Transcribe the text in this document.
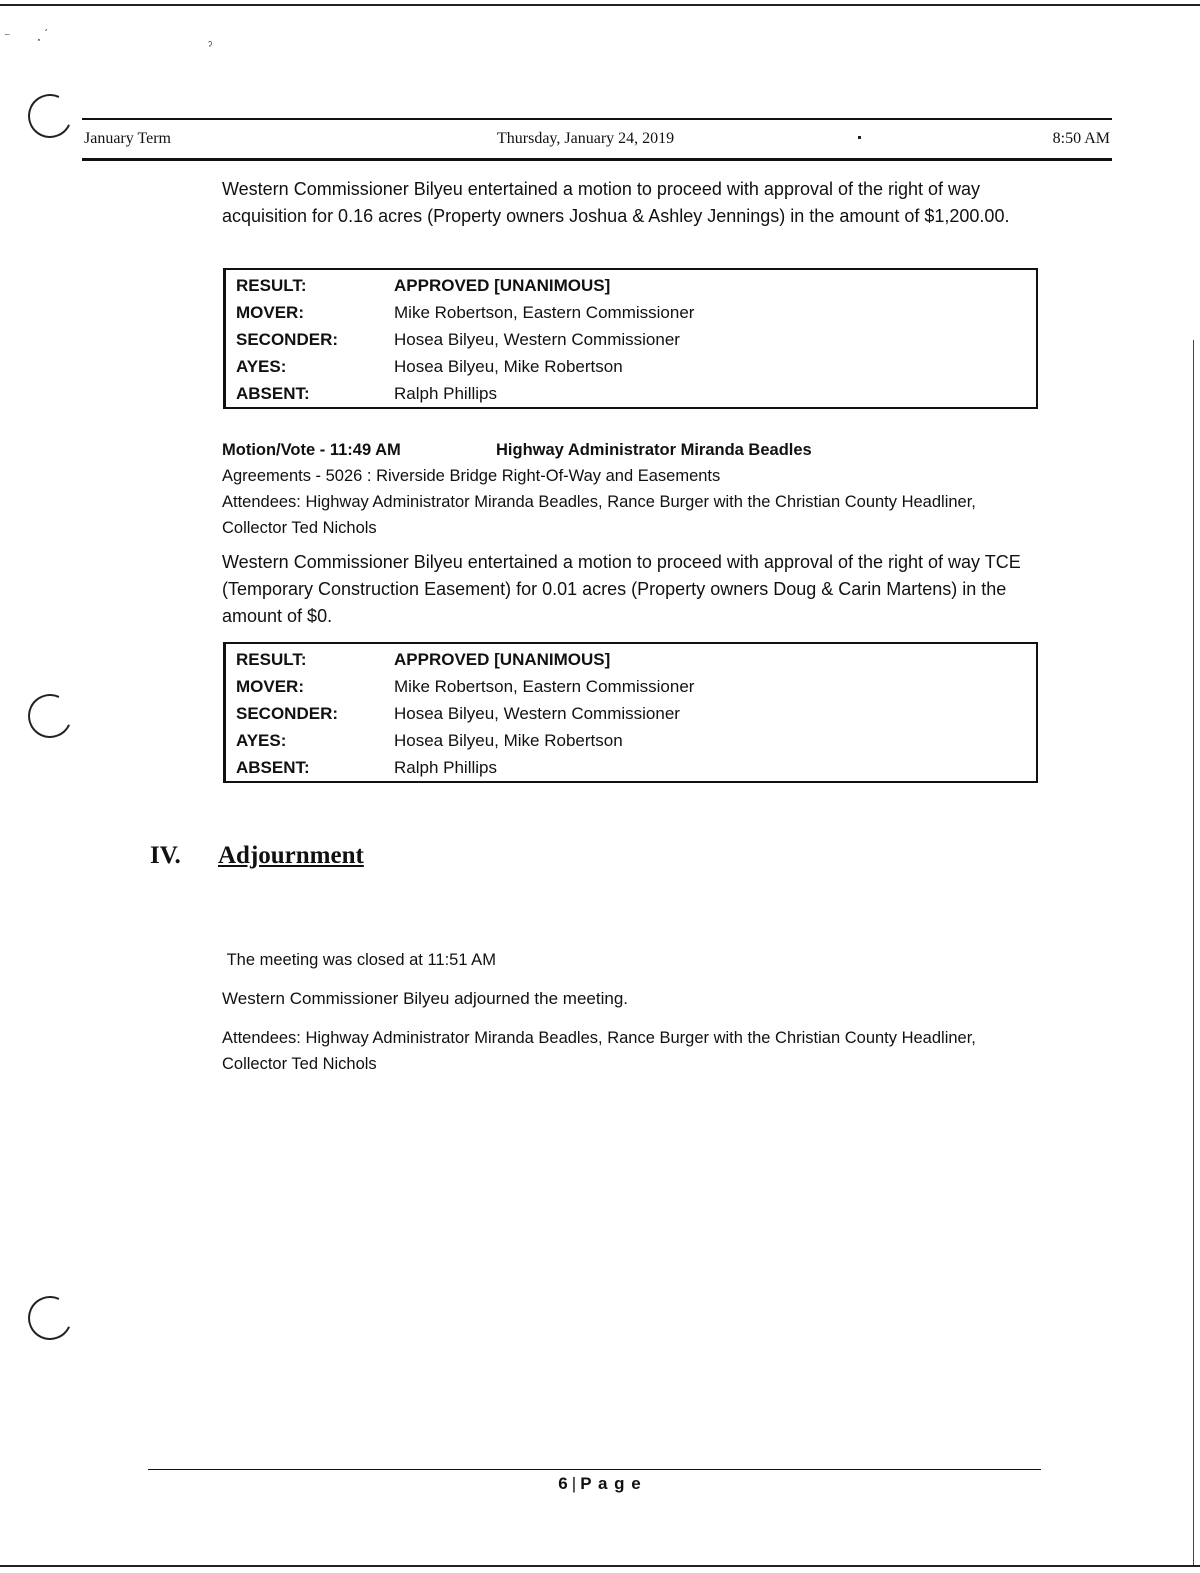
⁻ ⸼ ˊ
ˀ
January Term	Thursday, January 24, 2019	8:50 AM
Western Commissioner Bilyeu entertained a motion to proceed with approval of the right of way acquisition for 0.16 acres (Property owners Joshua & Ashley Jennings) in the amount of $1,200.00.
RESULT:	APPROVED [UNANIMOUS]
MOVER:	Mike Robertson, Eastern Commissioner
SECONDER:	Hosea Bilyeu, Western Commissioner
AYES:	Hosea Bilyeu, Mike Robertson
ABSENT:	Ralph Phillips
Motion/Vote - 11:49 AM	Highway Administrator Miranda Beadles
Agreements - 5026 : Riverside Bridge Right-Of-Way and Easements
Attendees: Highway Administrator Miranda Beadles, Rance Burger with the Christian County Headliner, Collector Ted Nichols
Western Commissioner Bilyeu entertained a motion to proceed with approval of the right of way TCE (Temporary Construction Easement) for 0.01 acres (Property owners Doug & Carin Martens) in the amount of $0.
RESULT:	APPROVED [UNANIMOUS]
MOVER:	Mike Robertson, Eastern Commissioner
SECONDER:	Hosea Bilyeu, Western Commissioner
AYES:	Hosea Bilyeu, Mike Robertson
ABSENT:	Ralph Phillips
IV. Adjournment

The meeting was closed at 11:51 AM

Attendees: Highway Administrator Miranda Beadles, Rance Burger with the Christian County Headliner, Collector Ted Nichols

Western Commissioner Bilyeu adjourned the meeting.
6 | P a g e
